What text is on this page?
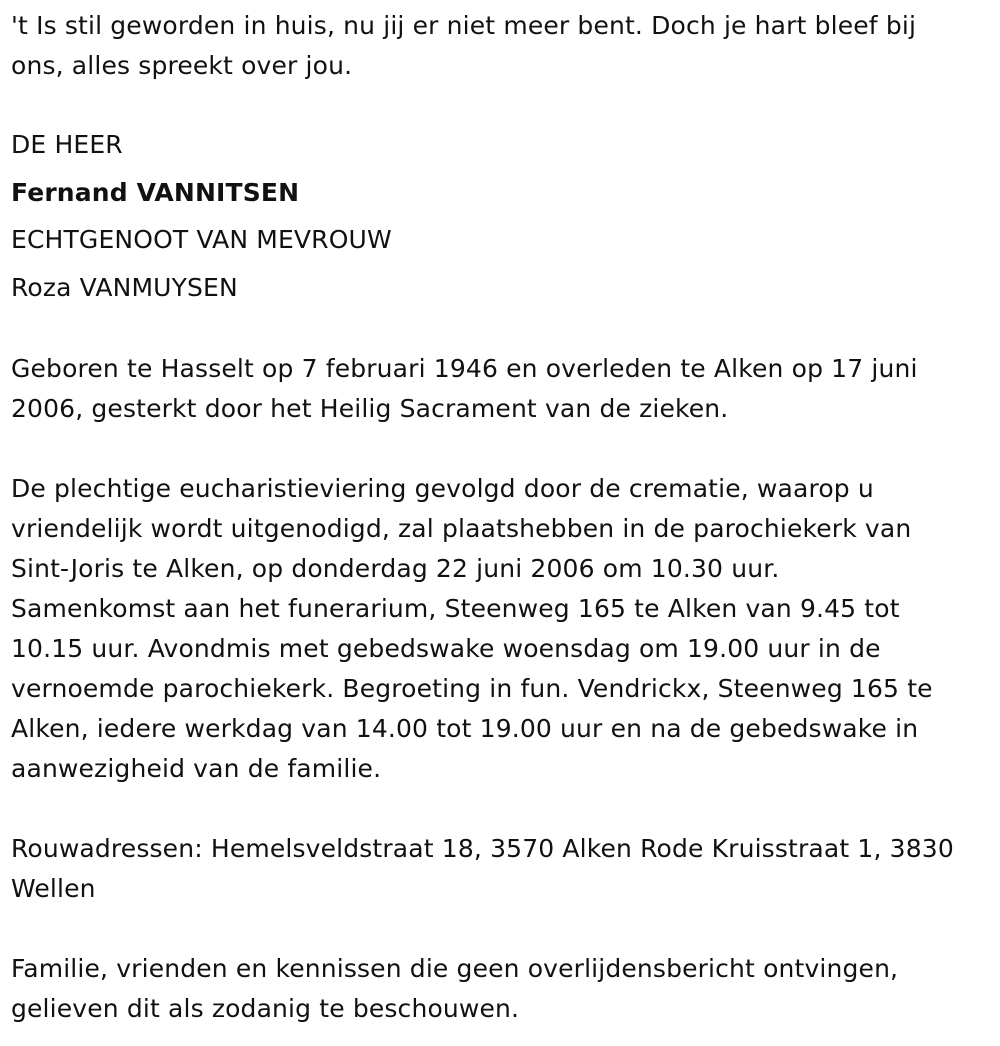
't Is stil geworden in huis, nu jij er niet meer bent. Doch je hart bleef bij
ons, alles spreekt over jou.
DE HEER
Fernand VANNITSEN
ECHTGENOOT VAN MEVROUW
Roza VANMUYSEN
Geboren te Hasselt op 7 februari 1946 en overleden te Alken op 17 juni
2006, gesterkt door het Heilig Sacrament van de zieken.
De plechtige eucharistieviering gevolgd door de crematie, waarop u
vriendelijk wordt uitgenodigd, zal plaatshebben in de parochiekerk van
Sint-Joris te Alken, op donderdag 22 juni 2006 om 10.30 uur.
Samenkomst aan het funerarium, Steenweg 165 te Alken van 9.45 tot
10.15 uur. Avondmis met gebedswake woensdag om 19.00 uur in de
vernoemde parochiekerk. Begroeting in fun. Vendrickx, Steenweg 165 te
Alken, iedere werkdag van 14.00 tot 19.00 uur en na de gebedswake in
aanwezigheid van de familie.
Rouwadressen: Hemelsveldstraat 18, 3570 Alken Rode Kruisstraat 1, 3830
Wellen
Familie, vrienden en kennissen die geen overlijdensbericht ontvingen,
gelieven dit als zodanig te beschouwen.
